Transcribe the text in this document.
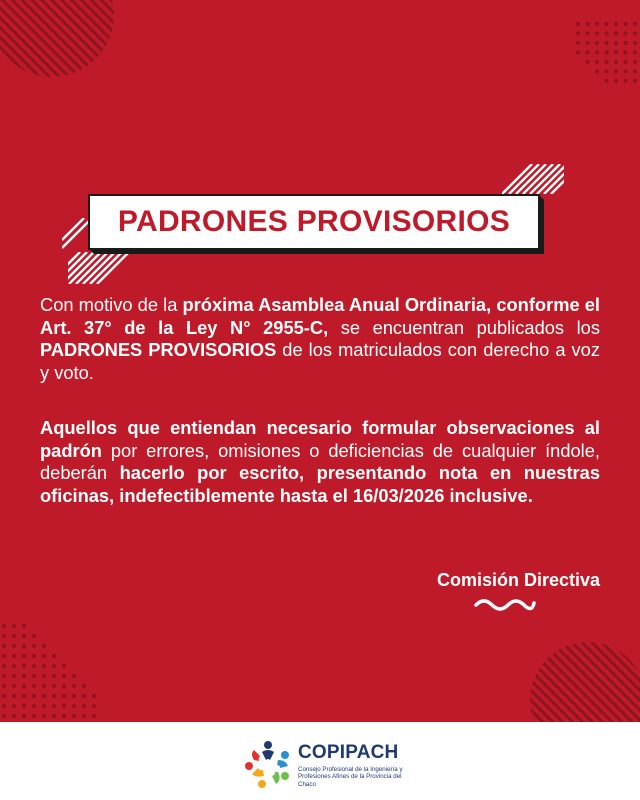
PADRONES PROVISORIOS
Con motivo de la próxima Asamblea Anual Ordinaria, conforme el Art. 37° de la Ley N° 2955-C, se encuentran publicados los PADRONES PROVISORIOS de los matriculados con derecho a voz y voto.
Aquellos que entiendan necesario formular observaciones al padrón por errores, omisiones o deficiencias de cualquier índole, deberán hacerlo por escrito, presentando nota en nuestras oficinas, indefectiblemente hasta el 16/03/2026 inclusive.
Comisión Directiva
COPIPACH
Consejo Profesional de la Ingeniería y
Profesiones Afines de la Provincia del Chaco
